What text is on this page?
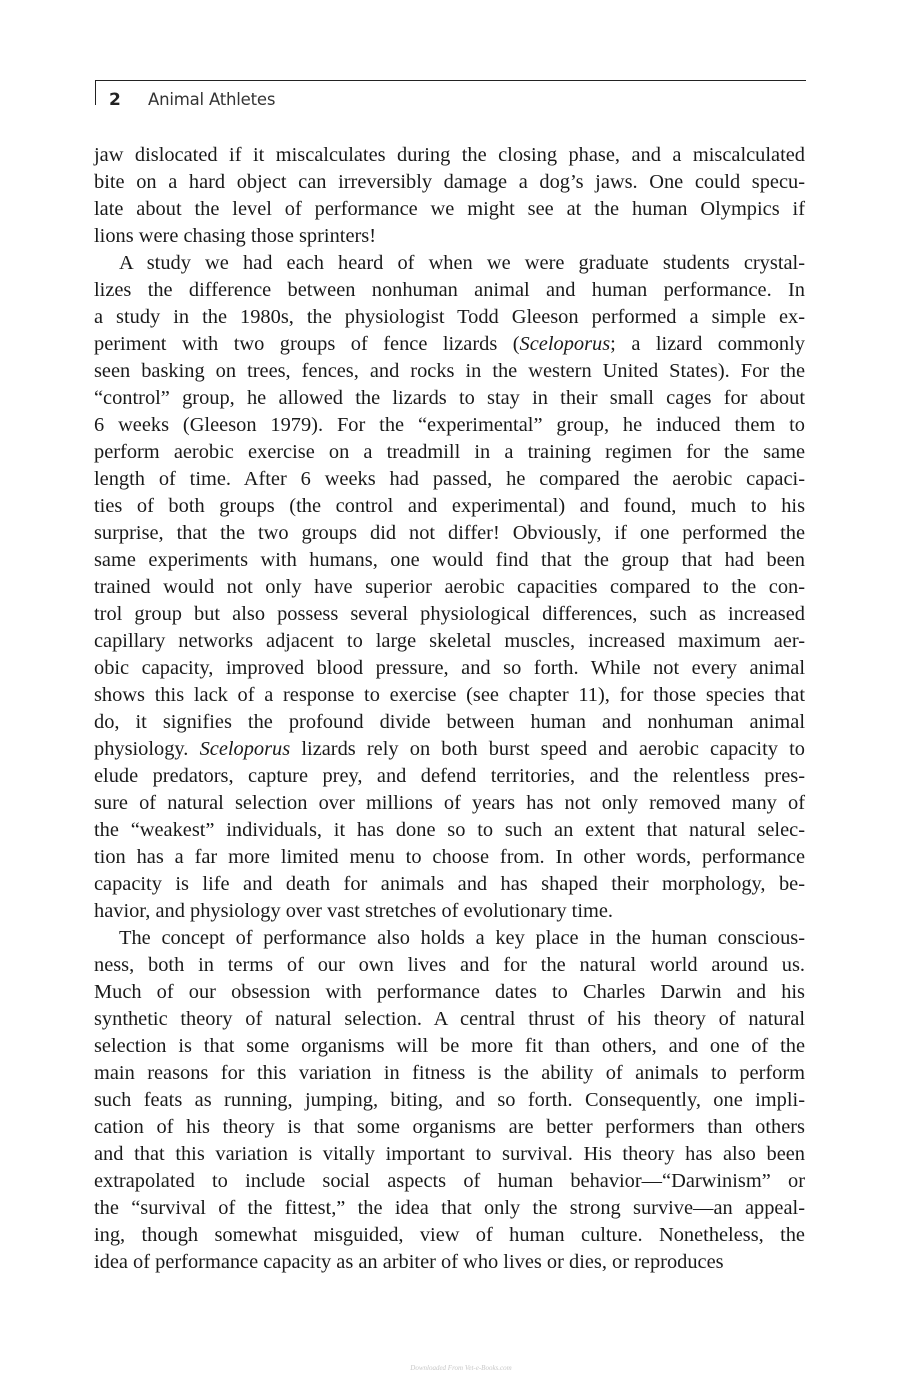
2 Animal Athletes
jaw dislocated if it miscalculates during the closing phase, and a miscalculated
bite on a hard object can irreversibly damage a dog’s jaws. One could specu-
late about the level of performance we might see at the human Olympics if
lions were chasing those sprinters!
A study we had each heard of when we were graduate students crystal-
lizes the difference between nonhuman animal and human performance. In
a study in the 1980s, the physiologist Todd Gleeson performed a simple ex-
periment with two groups of fence lizards (Sceloporus; a lizard commonly
seen basking on trees, fences, and rocks in the western United States). For the
“control” group, he allowed the lizards to stay in their small cages for about
6 weeks (Gleeson 1979). For the “experimental” group, he induced them to
perform aerobic exercise on a treadmill in a training regimen for the same
length of time. After 6 weeks had passed, he compared the aerobic capaci-
ties of both groups (the control and experimental) and found, much to his
surprise, that the two groups did not differ! Obviously, if one performed the
same experiments with humans, one would find that the group that had been
trained would not only have superior aerobic capacities compared to the con-
trol group but also possess several physiological differences, such as increased
capillary networks adjacent to large skeletal muscles, increased maximum aer-
obic capacity, improved blood pressure, and so forth. While not every animal
shows this lack of a response to exercise (see chapter 11), for those species that
do, it signifies the profound divide between human and nonhuman animal
physiology. Sceloporus lizards rely on both burst speed and aerobic capacity to
elude predators, capture prey, and defend territories, and the relentless pres-
sure of natural selection over millions of years has not only removed many of
the “weakest” individuals, it has done so to such an extent that natural selec-
tion has a far more limited menu to choose from. In other words, performance
capacity is life and death for animals and has shaped their morphology, be-
havior, and physiology over vast stretches of evolutionary time.
The concept of performance also holds a key place in the human conscious-
ness, both in terms of our own lives and for the natural world around us.
Much of our obsession with performance dates to Charles Darwin and his
synthetic theory of natural selection. A central thrust of his theory of natural
selection is that some organisms will be more fit than others, and one of the
main reasons for this variation in fitness is the ability of animals to perform
such feats as running, jumping, biting, and so forth. Consequently, one impli-
cation of his theory is that some organisms are better performers than others
and that this variation is vitally important to survival. His theory has also been
extrapolated to include social aspects of human behavior—“Darwinism” or
the “survival of the fittest,” the idea that only the strong survive—an appeal-
ing, though somewhat misguided, view of human culture. Nonetheless, the
idea of performance capacity as an arbiter of who lives or dies, or reproduces
Downloaded From Vet-e-Books.com
